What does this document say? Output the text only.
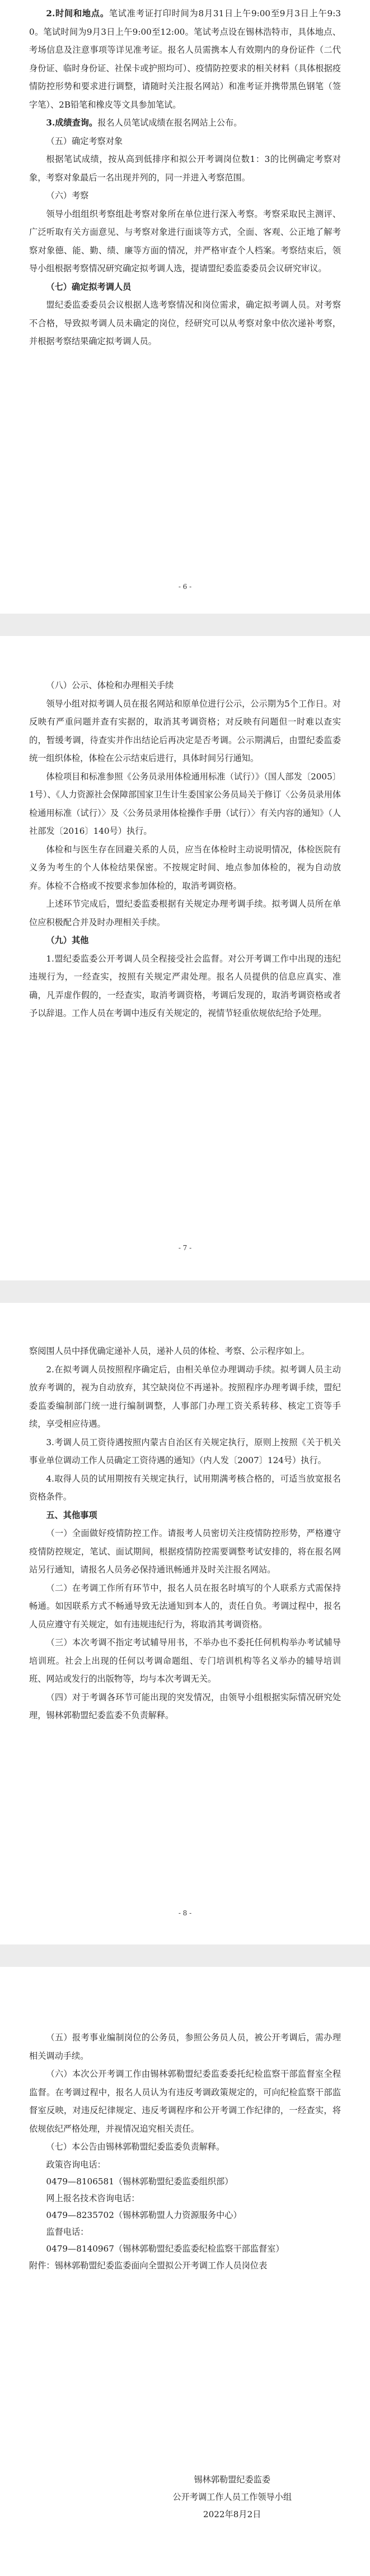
2.时间和地点。笔试准考证打印时间为8月31日上午9:00至9月3日上午9:30。笔试时间为9月3日上午9:00至12:00。笔试考点设在锡林浩特市，具体地点、考场信息及注意事项等详见准考证。报名人员需携本人有效期内的身份证件（二代身份证、临时身份证、社保卡或护照均可）、疫情防控要求的相关材料（具体根据疫情防控形势和要求进行调整，请随时关注报名网站）和准考证并携带黑色钢笔（签字笔）、2B铅笔和橡皮等文具参加笔试。

3.成绩查询。报名人员笔试成绩在报名网站上公布。

（五）确定考察对象

根据笔试成绩，按从高到低排序和拟公开考调岗位数1：3的比例确定考察对象，考察对象最后一名出现并列的，同一并进入考察范围。

（六）考察

领导小组组织考察组赴考察对象所在单位进行深入考察。考察采取民主测评、广泛听取有关方面意见、与考察对象进行面谈等方式，全面、客观、公正地了解考察对象德、能、勤、绩、廉等方面的情况，并严格审查个人档案。考察结束后，领导小组根据考察情况研究确定拟考调人选，提请盟纪委监委委员会议研究审议。

（七）确定拟考调人员

盟纪委监委委员会议根据人选考察情况和岗位需求，确定拟考调人员。对考察不合格，导致拟考调人员未确定的岗位，经研究可以从考察对象中依次递补考察，并根据考察结果确定拟考调人员。

- 6 -

（八）公示、体检和办理相关手续

领导小组对拟考调人员在报名网站和原单位进行公示，公示期为5个工作日。对反映有严重问题并查有实据的，取消其考调资格；对反映有问题但一时难以查实的，暂缓考调，待查实并作出结论后再决定是否考调。公示期满后，由盟纪委监委统一组织体检，体检在公示结束后进行，具体时间另行通知。

体检项目和标准参照《公务员录用体检通用标准（试行）》（国人部发〔2005〕1号）、《人力资源社会保障部国家卫生计生委国家公务员局关于修订〈公务员录用体检通用标准（试行）〉及〈公务员录用体检操作手册（试行）〉有关内容的通知》（人社部发〔2016〕140号）执行。

体检和与医生存在回避关系的人员，应当在体检时主动说明情况，体检医院有义务为考生的个人体检结果保密。不按规定时间、地点参加体检的，视为自动放弃。体检不合格或不按要求参加体检的，取消考调资格。

上述环节完成后，盟纪委监委根据有关规定办理考调手续。拟考调人员所在单位应积极配合并及时办理相关手续。

（九）其他

1.盟纪委监委公开考调人员全程接受社会监督。对公开考调工作中出现的违纪违规行为，一经查实，按照有关规定严肃处理。报名人员提供的信息应真实、准确，凡弄虚作假的，一经查实，取消考调资格，考调后发现的，取消考调资格或者予以辞退。工作人员在考调中违反有关规定的，视情节轻重依规依纪给予处理。

- 7 -

察阅围人员中择优确定递补人员，递补人员的体检、考察、公示程序如上。

2.在拟考调人员按照程序确定后，由相关单位办理调动手续。拟考调人员主动放弃考调的，视为自动放弃，其空缺岗位不再递补。按照程序办理考调手续，盟纪委监委编制部门统一进行编制调整，人事部门办理工资关系转移、核定工资等手续，享受相应待遇。

3.考调人员工资待遇按照内蒙古自治区有关规定执行，原则上按照《关于机关事业单位调动工作人员确定工资待遇的通知》（内人发〔2007〕124号）执行。

4.取得人员的试用期按有关规定执行，试用期满考核合格的，可适当放宽报名资格条件。

五、其他事项

（一）全面做好疫情防控工作。请报考人员密切关注疫情防控形势，严格遵守疫情防控规定，笔试、面试期间，根据疫情防控需要调整考试安排的，将在报名网站另行通知，请报名人员务必保持通讯畅通并及时关注报名网站。

（二）在考调工作所有环节中，报名人员在报名时填写的个人联系方式需保持畅通。如因联系方式不畅通导致无法通知到本人的，责任自负。考调过程中，报名人员应遵守有关规定，如有违规违纪行为，将取消其考调资格。

（三）本次考调不指定考试辅导用书，不举办也不委托任何机构举办考试辅导培训班。社会上出现的任何以考调命题组、专门培训机构等名义举办的辅导培训班、网站或发行的出版物等，均与本次考调无关。

（四）对于考调各环节可能出现的突发情况，由领导小组根据实际情况研究处理，锡林郭勒盟纪委监委不负责解释。

- 8 -

（五）报考事业编制岗位的公务员，参照公务员人员，被公开考调后，需办理相关调动手续。

（六）本次公开考调工作由锡林郭勒盟纪委监委委托纪检监察干部监督室全程监督。在考调过程中，报名人员认为有违反考调政策规定的，可向纪检监察干部监督室反映，对违反纪律规定、违反考调程序和公开考调工作纪律的，一经查实，将依规依纪严格处理，并视情况追究相关责任。

（七）本公告由锡林郭勒盟纪委监委负责解释。

政策咨询电话：

0479—8106581（锡林郭勒盟纪委监委组织部）

网上报名技术咨询电话：

0479—8235702（锡林郭勒盟人力资源服务中心）

监督电话：

0479—8140967（锡林郭勒盟纪委监委纪检监察干部监督室）

附件：锡林郭勒盟纪委监委面向全盟拟公开考调工作人员岗位表

锡林郭勒盟纪委监委

公开考调工作人员工作领导小组

2022年8月2日
